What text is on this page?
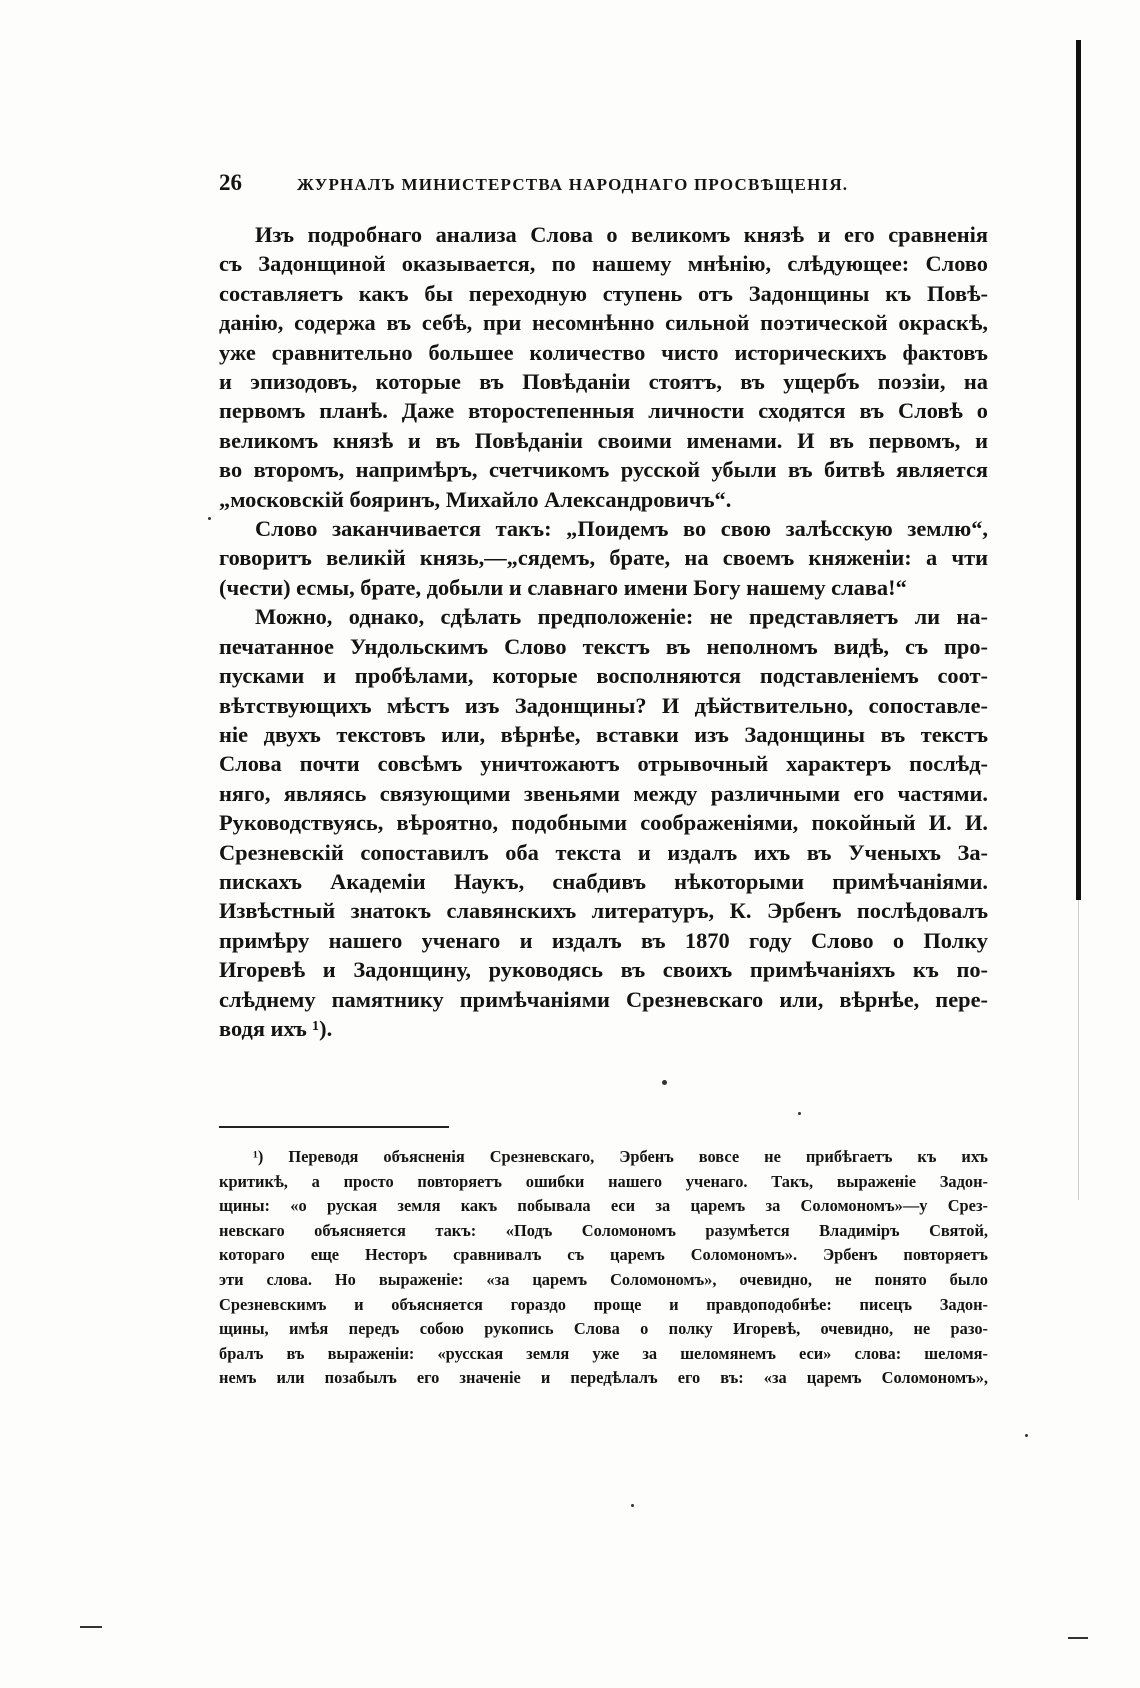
26	ЖУРНАЛЪ МИНИСТЕРСТВА НАРОДНАГО ПРОСВѢЩЕНІЯ.
Изъ подробнаго анализа Слова о великомъ князѣ и его сравненія
съ Задонщиной оказывается, по нашему мнѣнію, слѣдующее: Слово
составляетъ какъ бы переходную ступень отъ Задонщины къ Повѣ-
данію, содержа въ себѣ, при несомнѣнно сильной поэтической окраскѣ,
уже сравнительно большее количество чисто историческихъ фактовъ
и эпизодовъ, которые въ Повѣданіи стоятъ, въ ущербъ поэзіи, на
первомъ планѣ. Даже второстепенныя личности сходятся въ Словѣ о
великомъ князѣ и въ Повѣданіи своими именами. И въ первомъ, и
во второмъ, напримѣръ, счетчикомъ русской убыли въ битвѣ является
„московскій бояринъ, Михайло Александровичъ“.
Слово заканчивается такъ: „Поидемъ во свою залѣсскую землю“,
говоритъ великій князь,—„сядемъ, брате, на своемъ княженіи: а чти
(чести) есмы, брате, добыли и славнаго имени Богу нашему слава!“
Можно, однако, сдѣлать предположеніе: не представляетъ ли на-
печатанное Ундольскимъ Слово текстъ въ неполномъ видѣ, съ про-
пусками и пробѣлами, которые восполняются подставленіемъ соот-
вѣтствующихъ мѣстъ изъ Задонщины? И дѣйствительно, сопоставле-
ніе двухъ текстовъ или, вѣрнѣе, вставки изъ Задонщины въ текстъ
Слова почти совсѣмъ уничтожаютъ отрывочный характеръ послѣд-
няго, являясь связующими звеньями между различными его частями.
Руководствуясь, вѣроятно, подобными соображеніями, покойный И. И.
Срезневскій сопоставилъ оба текста и издалъ ихъ въ Ученыхъ За-
пискахъ Академіи Наукъ, снабдивъ нѣкоторыми примѣчаніями.
Извѣстный знатокъ славянскихъ литературъ, К. Эрбенъ послѣдовалъ
примѣру нашего ученаго и издалъ въ 1870 году Слово о Полку
Игоревѣ и Задонщину, руководясь въ своихъ примѣчаніяхъ къ по-
слѣднему памятнику примѣчаніями Срезневскаго или, вѣрнѣе, пере-
водя ихъ ¹).
¹) Переводя объясненія Срезневскаго, Эрбенъ вовсе не прибѣгаетъ къ ихъ
критикѣ, а просто повторяетъ ошибки нашего ученаго. Такъ, выраженіе Задон-
щины: «о руская земля какъ побывала еси за царемъ за Соломономъ»—у Срез-
невскаго объясняется такъ: «Подъ Соломономъ разумѣется Владиміръ Святой,
котораго еще Несторъ сравнивалъ съ царемъ Соломономъ». Эрбенъ повторяетъ
эти слова. Но выраженіе: «за царемъ Соломономъ», очевидно, не понято было
Срезневскимъ и объясняется гораздо проще и правдоподобнѣе: писецъ Задон-
щины, имѣя передъ собою рукопись Слова о полку Игоревѣ, очевидно, не разо-
бралъ въ выраженіи: «русская земля уже за шеломянемъ еси» слова: шеломя-
немъ или позабылъ его значеніе и передѣлалъ его въ: «за царемъ Соломономъ»,
